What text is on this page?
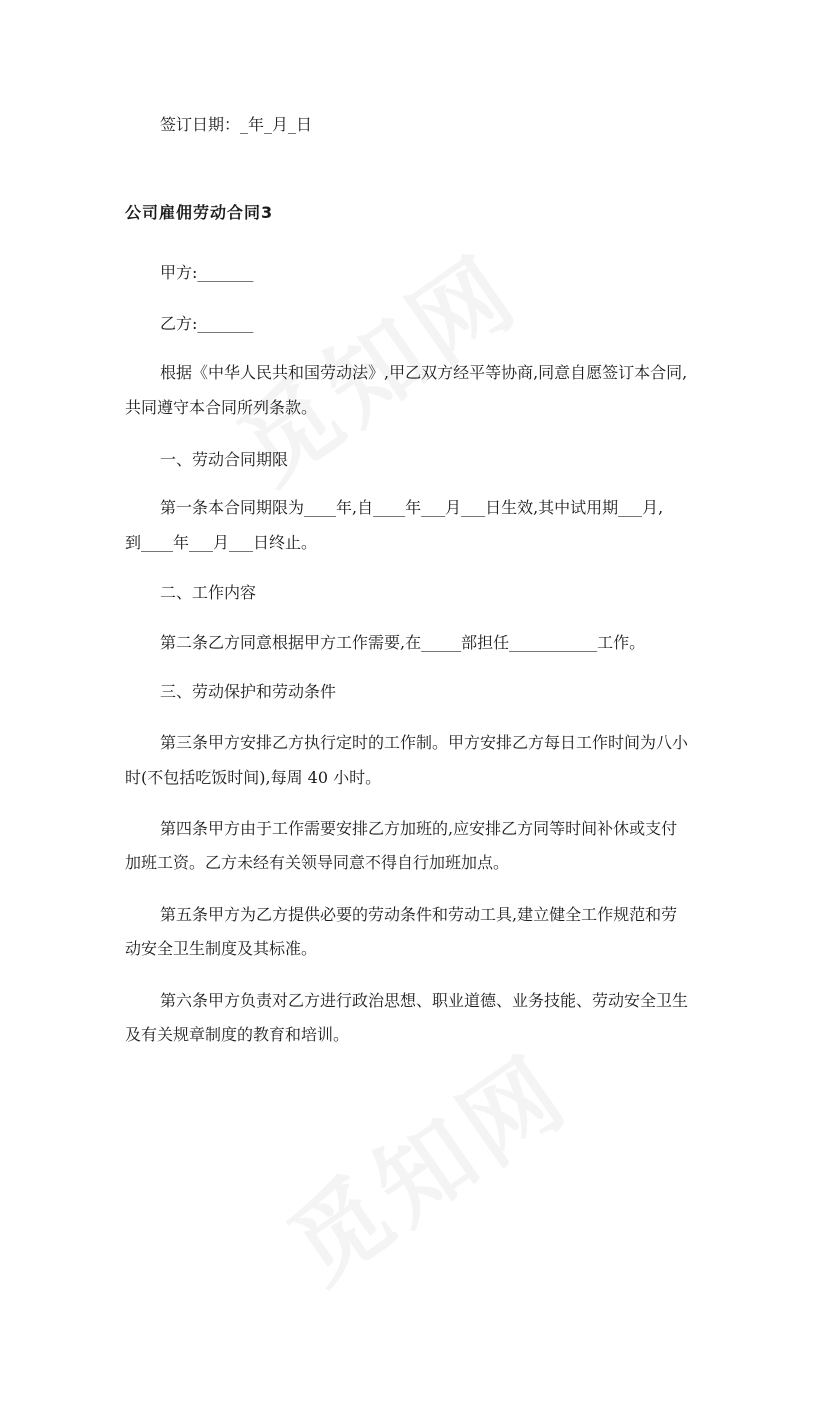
签订日期：_年_月_日
公司雇佣劳动合同3
甲方:_______
乙方:_______
根据《中华人民共和国劳动法》,甲乙双方经平等协商,同意自愿签订本合同,
共同遵守本合同所列条款。
一、劳动合同期限
第一条本合同期限为____年,自____年___月___日生效,其中试用期___月,
到____年___月___日终止。
二、工作内容
第二条乙方同意根据甲方工作需要,在_____部担任___________工作。
三、劳动保护和劳动条件
第三条甲方安排乙方执行定时的工作制。甲方安排乙方每日工作时间为八小
时(不包括吃饭时间),每周 40 小时。
第四条甲方由于工作需要安排乙方加班的,应安排乙方同等时间补休或支付
加班工资。乙方未经有关领导同意不得自行加班加点。
第五条甲方为乙方提供必要的劳动条件和劳动工具,建立健全工作规范和劳
动安全卫生制度及其标准。
第六条甲方负责对乙方进行政治思想、职业道德、业务技能、劳动安全卫生
及有关规章制度的教育和培训。
